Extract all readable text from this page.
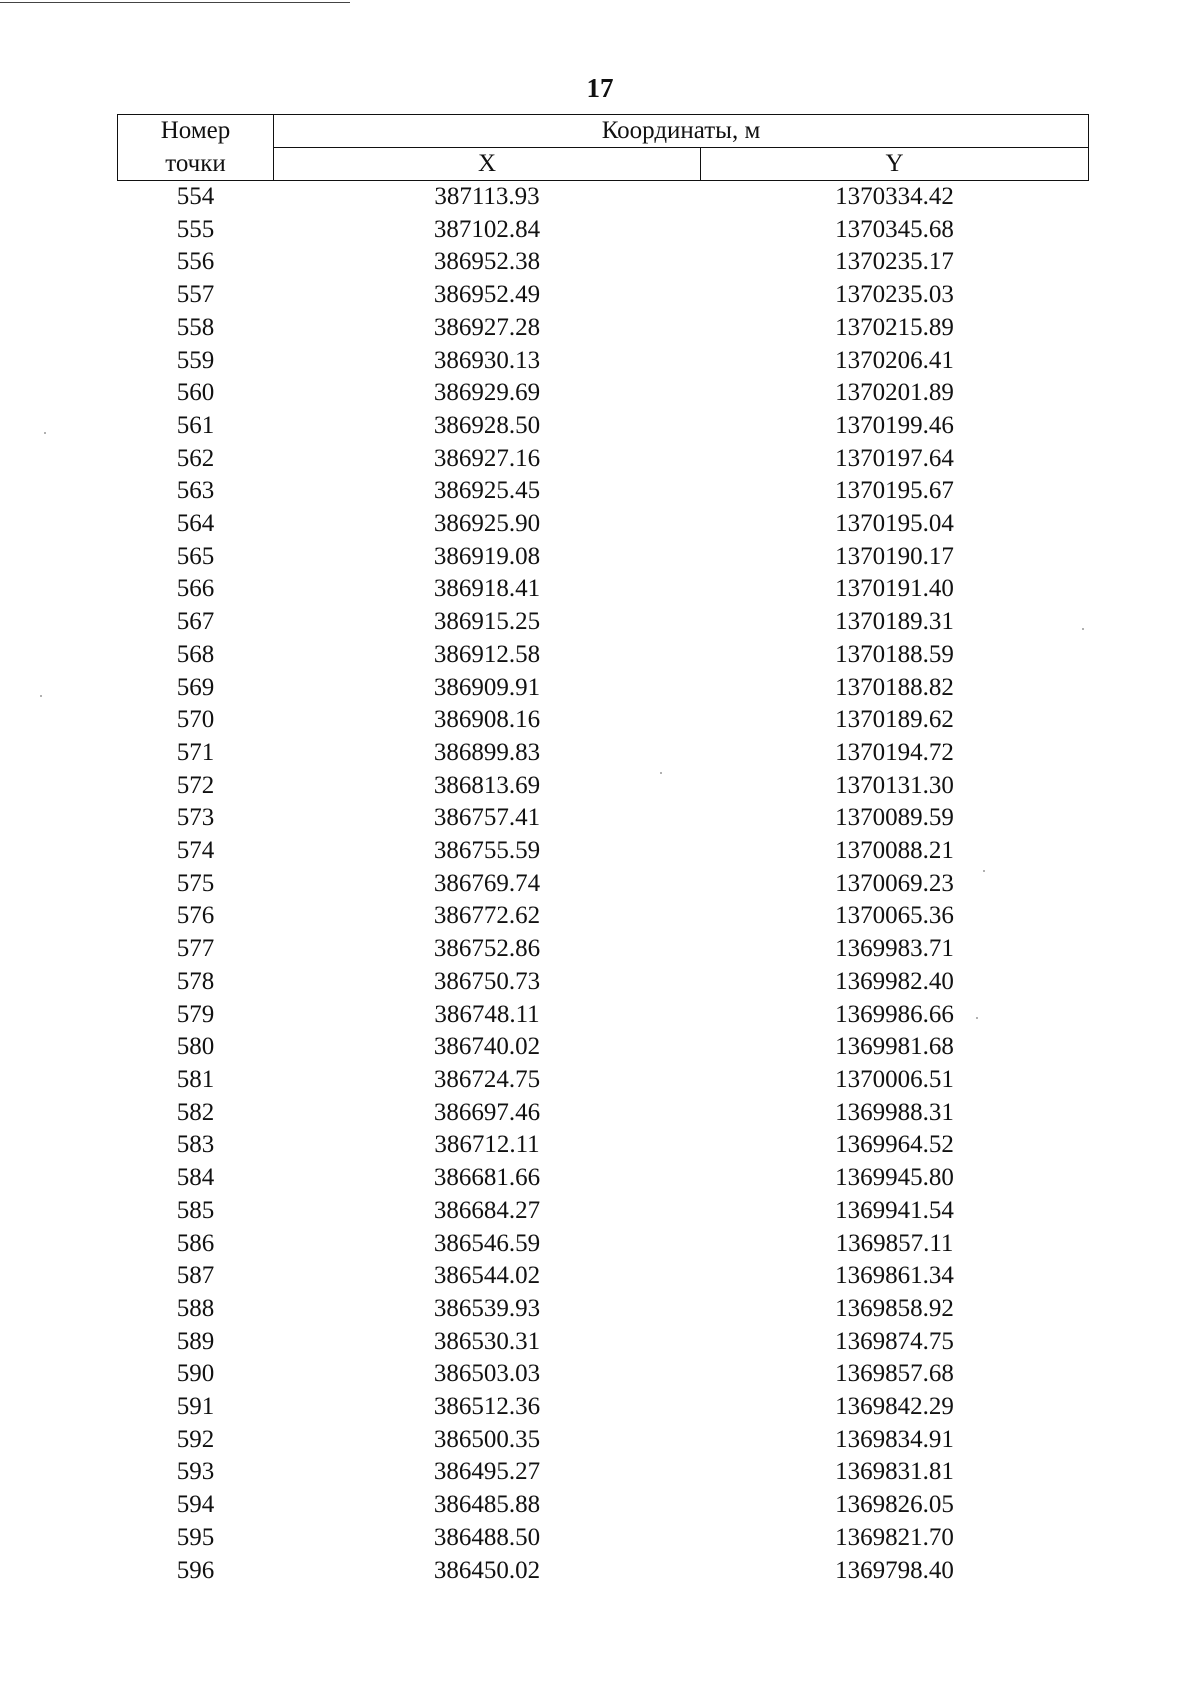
17
Номер	Координаты, м	
точки	X	Y
554	387113.93	1370334.42
555	387102.84	1370345.68
556	386952.38	1370235.17
557	386952.49	1370235.03
558	386927.28	1370215.89
559	386930.13	1370206.41
560	386929.69	1370201.89
561	386928.50	1370199.46
562	386927.16	1370197.64
563	386925.45	1370195.67
564	386925.90	1370195.04
565	386919.08	1370190.17
566	386918.41	1370191.40
567	386915.25	1370189.31
568	386912.58	1370188.59
569	386909.91	1370188.82
570	386908.16	1370189.62
571	386899.83	1370194.72
572	386813.69	1370131.30
573	386757.41	1370089.59
574	386755.59	1370088.21
575	386769.74	1370069.23
576	386772.62	1370065.36
577	386752.86	1369983.71
578	386750.73	1369982.40
579	386748.11	1369986.66
580	386740.02	1369981.68
581	386724.75	1370006.51
582	386697.46	1369988.31
583	386712.11	1369964.52
584	386681.66	1369945.80
585	386684.27	1369941.54
586	386546.59	1369857.11
587	386544.02	1369861.34
588	386539.93	1369858.92
589	386530.31	1369874.75
590	386503.03	1369857.68
591	386512.36	1369842.29
592	386500.35	1369834.91
593	386495.27	1369831.81
594	386485.88	1369826.05
595	386488.50	1369821.70
596	386450.02	1369798.40
